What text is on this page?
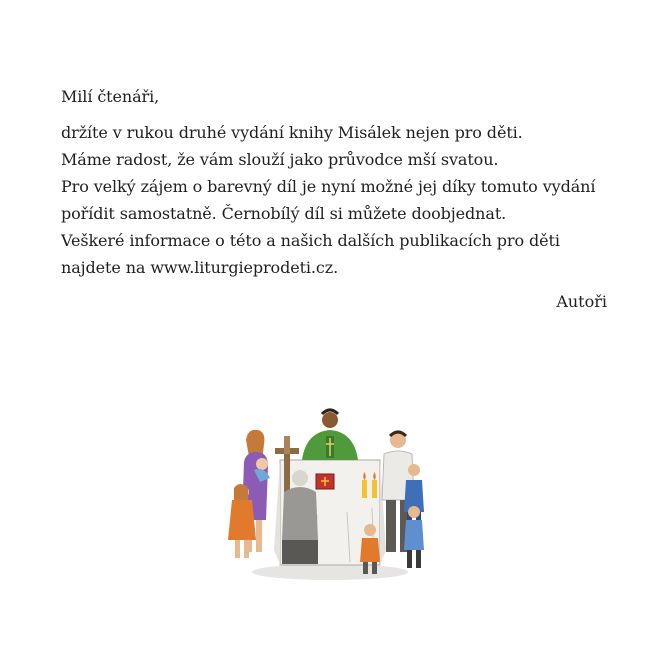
Milí čtenáři,

držíte v rukou druhé vydání knihy Misálek nejen pro děti.
Máme radost, že vám slouží jako průvodce mší svatou.
Pro velký zájem o barevný díl je nyní možné jej díky tomuto vydání
pořídit samostatně. Černobílý díl si můžete doobjednat.
Veškeré informace o této a našich dalších publikacích pro děti
najdete na www.liturgieprodeti.cz.

Autoři
